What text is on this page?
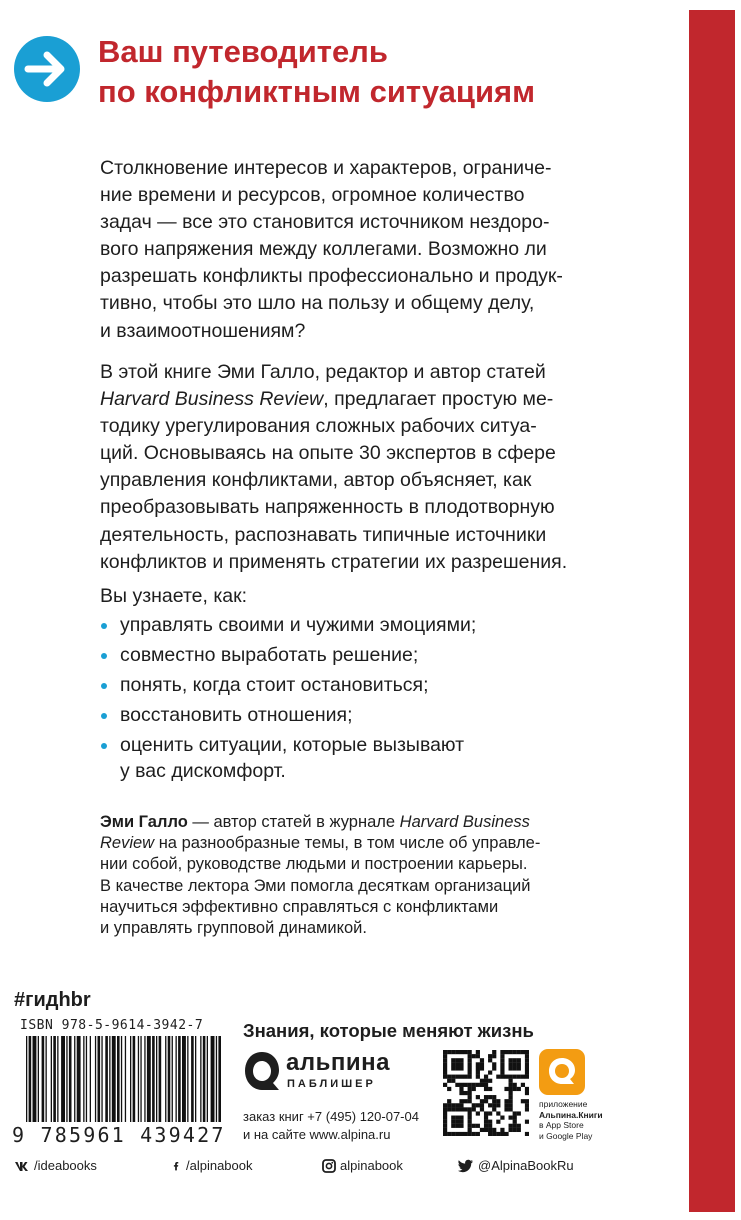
Ваш путеводитель
по конфликтным ситуациям

Столкновение интересов и характеров, ограниче-
ние времени и ресурсов, огромное количество
задач — все это становится источником нездоро-
вого напряжения между коллегами. Возможно ли
разрешать конфликты профессионально и продук-
тивно, чтобы это шло на пользу и общему делу,
и взаимоотношениям?

В этой книге Эми Галло, редактор и автор статей
Harvard Business Review, предлагает простую ме-
тодику урегулирования сложных рабочих ситуа-
ций. Основываясь на опыте 30 экспертов в сфере
управления конфликтами, автор объясняет, как
преобразовывать напряженность в плодотворную
деятельность, распознавать типичные источники
конфликтов и применять стратегии их разрешения.

Вы узнаете, как:

управлять своими и чужими эмоциями;
совместно выработать решение;
понять, когда стоит остановиться;
восстановить отношения;
оценить ситуации, которые вызывают
у вас дискомфорт.

Эми Галло — автор статей в журнале Harvard Business
Review на разнообразные темы, в том числе об управле-
нии собой, руководстве людьми и построении карьеры.
В качестве лектора Эми помогла десяткам организаций
научиться эффективно справляться с конфликтами
и управлять групповой динамикой.

#гидhbr
ISBN 978-5-9614-3942-7
9 785961 439427
Знания, которые меняют жизнь
альпина
ПАБЛИШЕР
заказ книг +7 (495) 120-07-04
и на сайте www.alpina.ru
приложение
Альпина.Книги
в App Store
и Google Play
/ideabooks	/alpinabook	alpinabook	@AlpinaBookRu
